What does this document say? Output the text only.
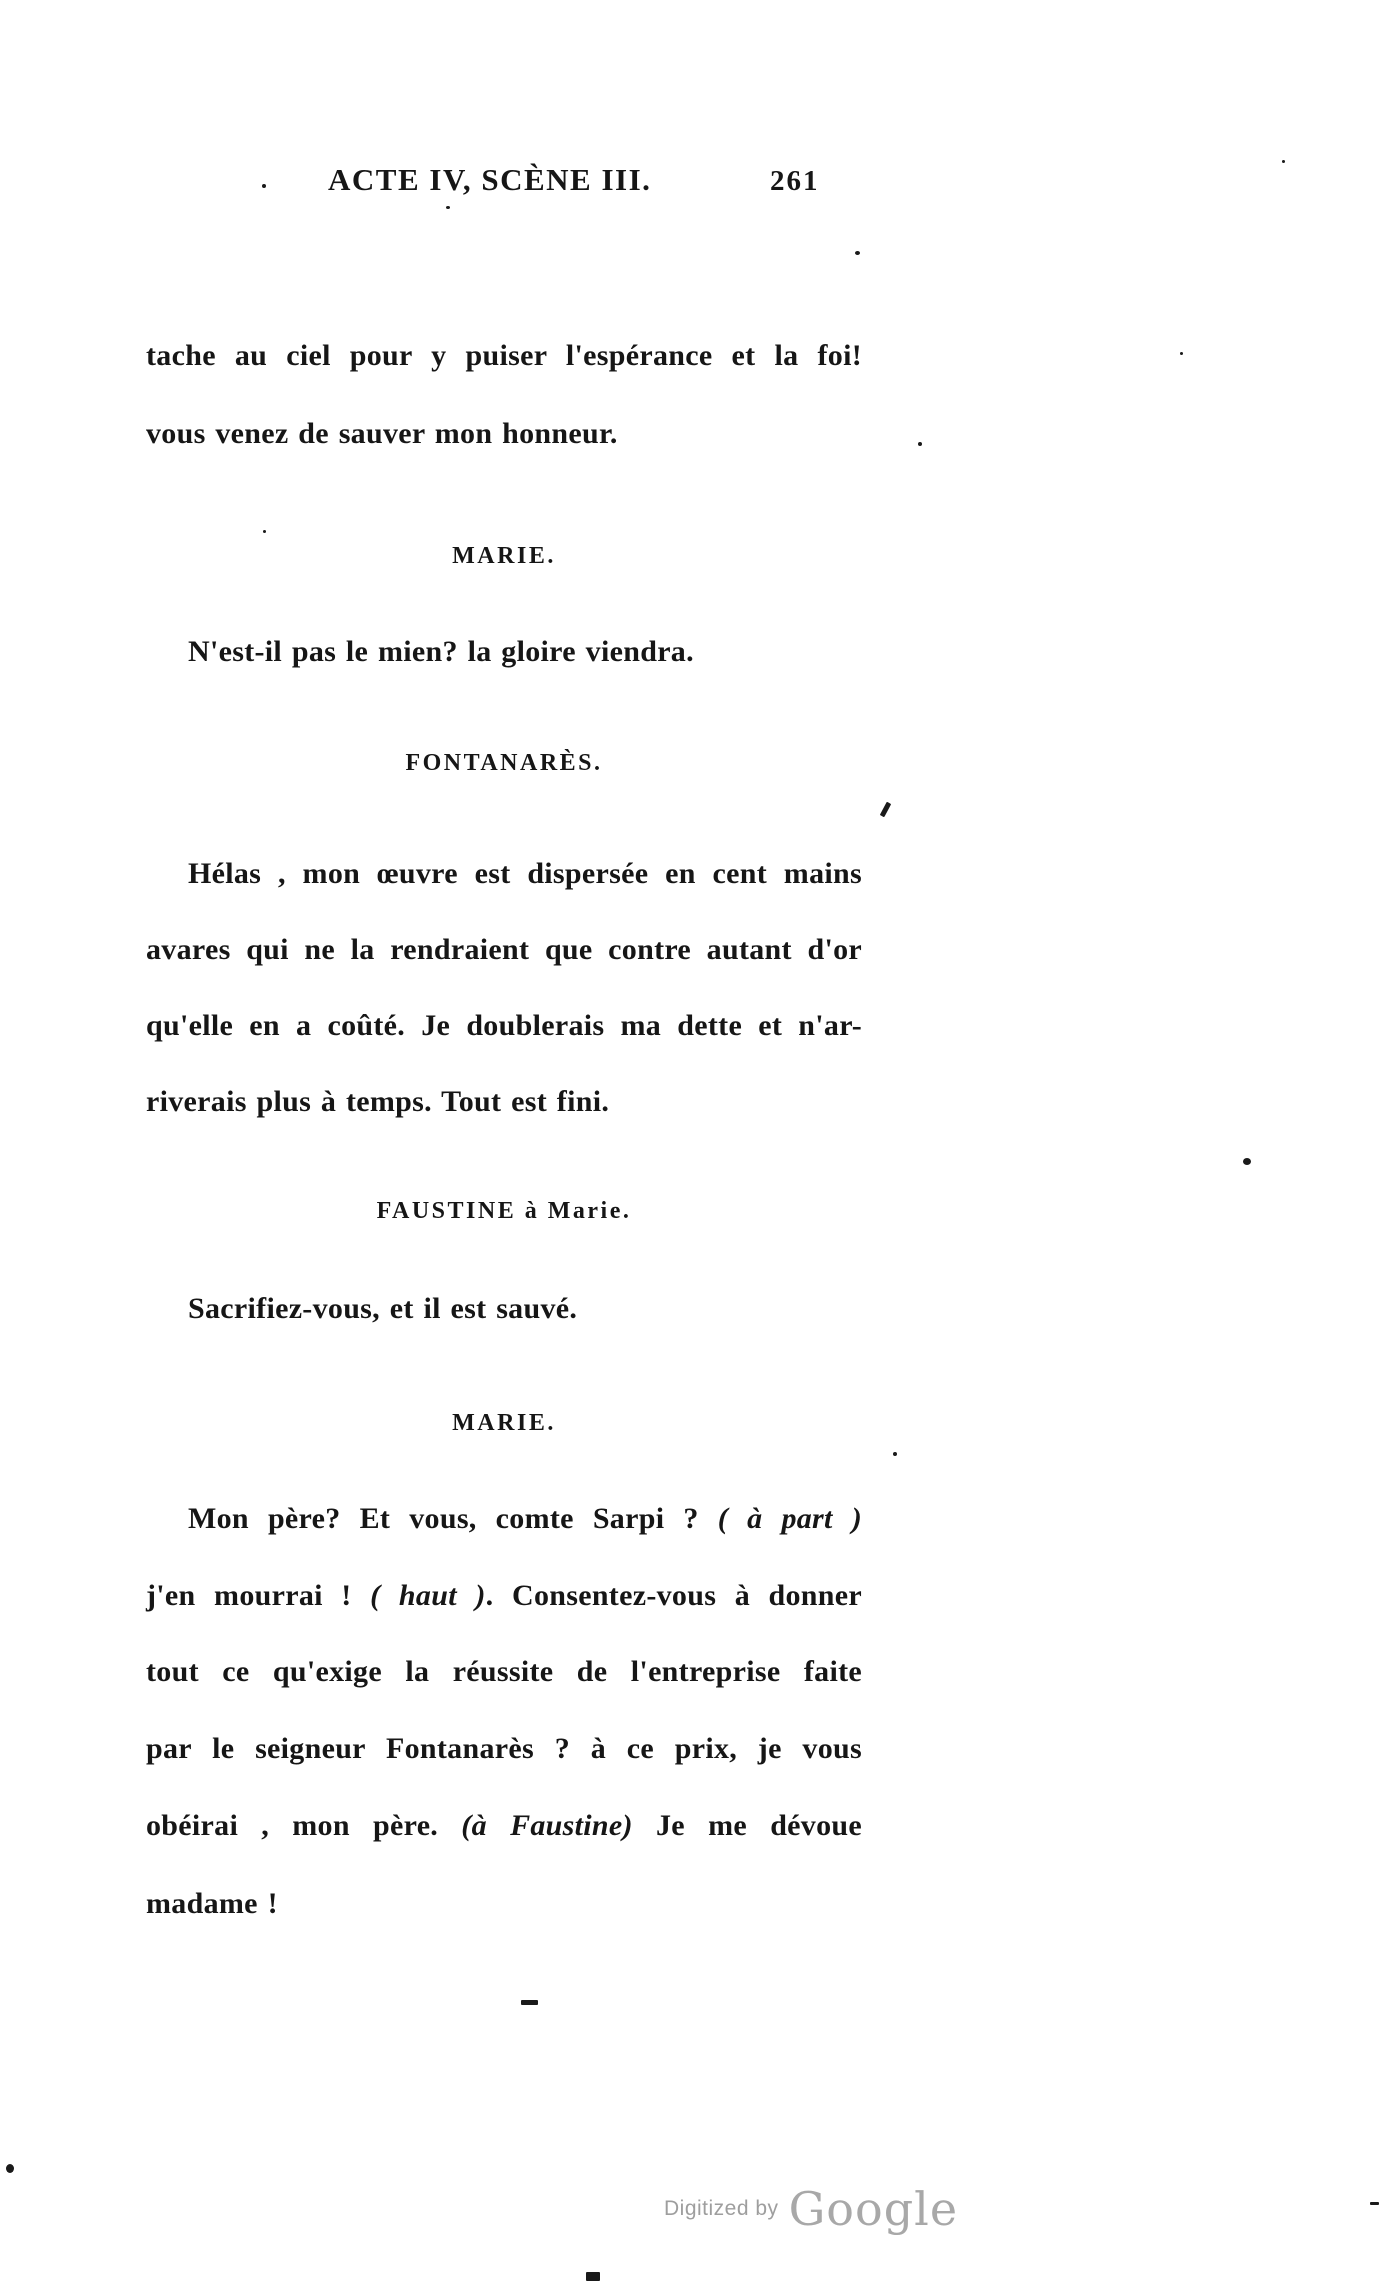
ACTE IV, SCÈNE III.	261
tache au ciel pour y puiser l'espérance et la foi!
vous venez de sauver mon honneur.
MARIE.
N'est-il pas le mien? la gloire viendra.
FONTANARÈS.
Hélas , mon œuvre est dispersée en cent mains
avares qui ne la rendraient que contre autant d'or
qu'elle en a coûté. Je doublerais ma dette et n'ar-
riverais plus à temps. Tout est fini.
FAUSTINE à Marie.
Sacrifiez-vous, et il est sauvé.
MARIE.
Mon père? Et vous, comte Sarpi ? ( à part )
j'en mourrai ! ( haut ). Consentez-vous à donner
tout ce qu'exige la réussite de l'entreprise faite
par le seigneur Fontanarès ? à ce prix, je vous
obéirai , mon père. (à Faustine) Je me dévoue
madame !
Digitized by Google
